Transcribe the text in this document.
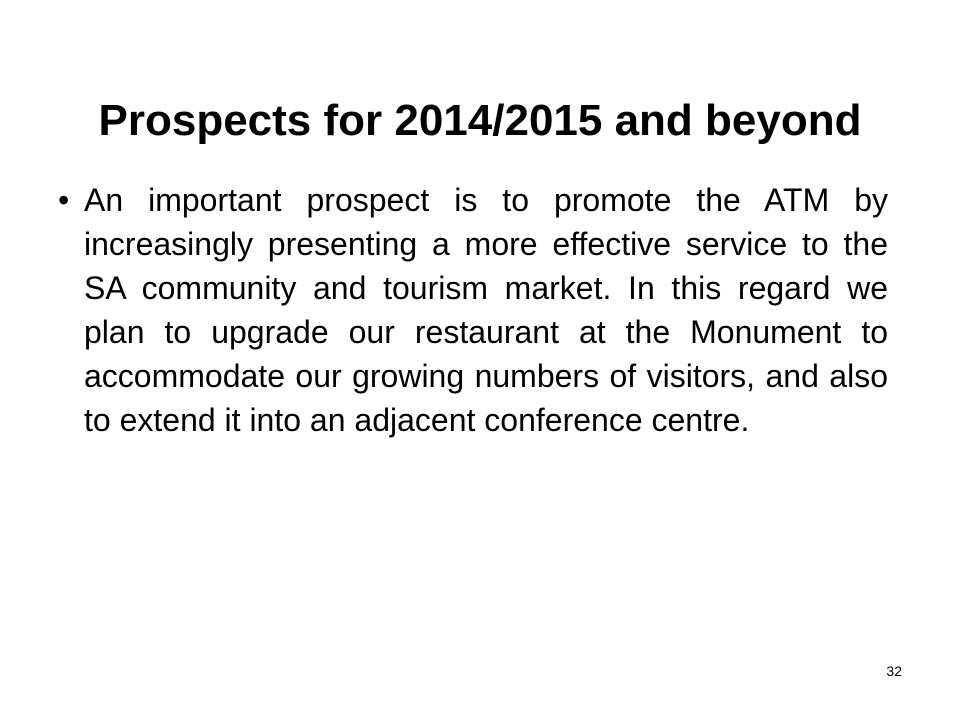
Prospects for 2014/2015 and beyond
• An important prospect is to promote the ATM by increasingly presenting a more effective service to the SA community and tourism market. In this regard we plan to upgrade our restaurant at the Monument to accommodate our growing numbers of visitors, and also to extend it into an adjacent conference centre.
32
